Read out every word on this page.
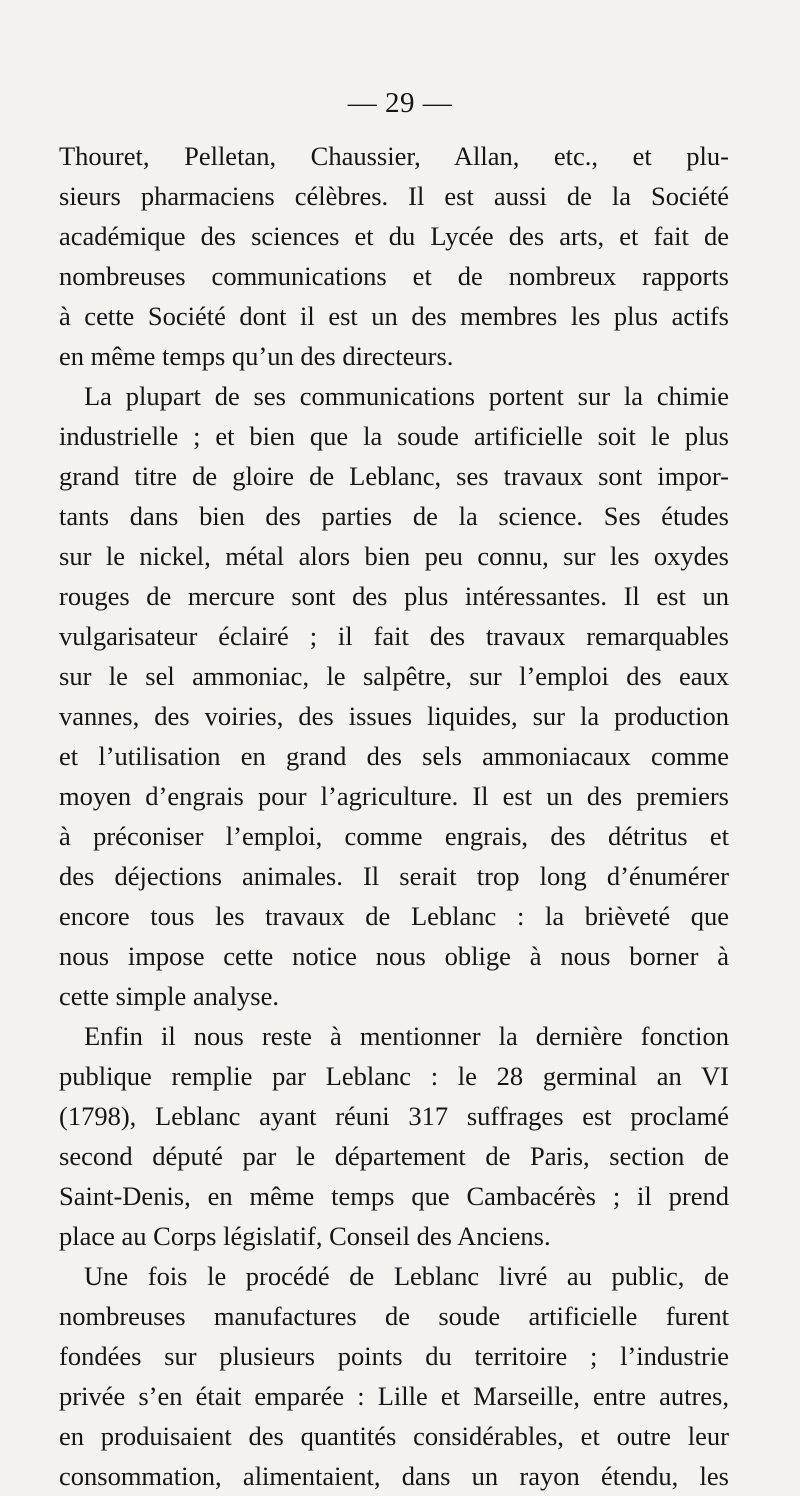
— 29 —
Thouret, Pelletan, Chaussier, Allan, etc., et plu-
sieurs pharmaciens célèbres. Il est aussi de la Société
académique des sciences et du Lycée des arts, et fait de
nombreuses communications et de nombreux rapports
à cette Société dont il est un des membres les plus actifs
en même temps qu’un des directeurs.
La plupart de ses communications portent sur la chimie
industrielle ; et bien que la soude artificielle soit le plus
grand titre de gloire de Leblanc, ses travaux sont impor-
tants dans bien des parties de la science. Ses études
sur le nickel, métal alors bien peu connu, sur les oxydes
rouges de mercure sont des plus intéressantes. Il est un
vulgarisateur éclairé ; il fait des travaux remarquables
sur le sel ammoniac, le salpêtre, sur l’emploi des eaux
vannes, des voiries, des issues liquides, sur la production
et l’utilisation en grand des sels ammoniacaux comme
moyen d’engrais pour l’agriculture. Il est un des premiers
à préconiser l’emploi, comme engrais, des détritus et
des déjections animales. Il serait trop long d’énumérer
encore tous les travaux de Leblanc : la brièveté que
nous impose cette notice nous oblige à nous borner à
cette simple analyse.
Enfin il nous reste à mentionner la dernière fonction
publique remplie par Leblanc : le 28 germinal an VI
(1798), Leblanc ayant réuni 317 suffrages est proclamé
second député par le département de Paris, section de
Saint-Denis, en même temps que Cambacérès ; il prend
place au Corps législatif, Conseil des Anciens.
Une fois le procédé de Leblanc livré au public, de
nombreuses manufactures de soude artificielle furent
fondées sur plusieurs points du territoire ; l’industrie
privée s’en était emparée : Lille et Marseille, entre autres,
en produisaient des quantités considérables, et outre leur
consommation, alimentaient, dans un rayon étendu, les
